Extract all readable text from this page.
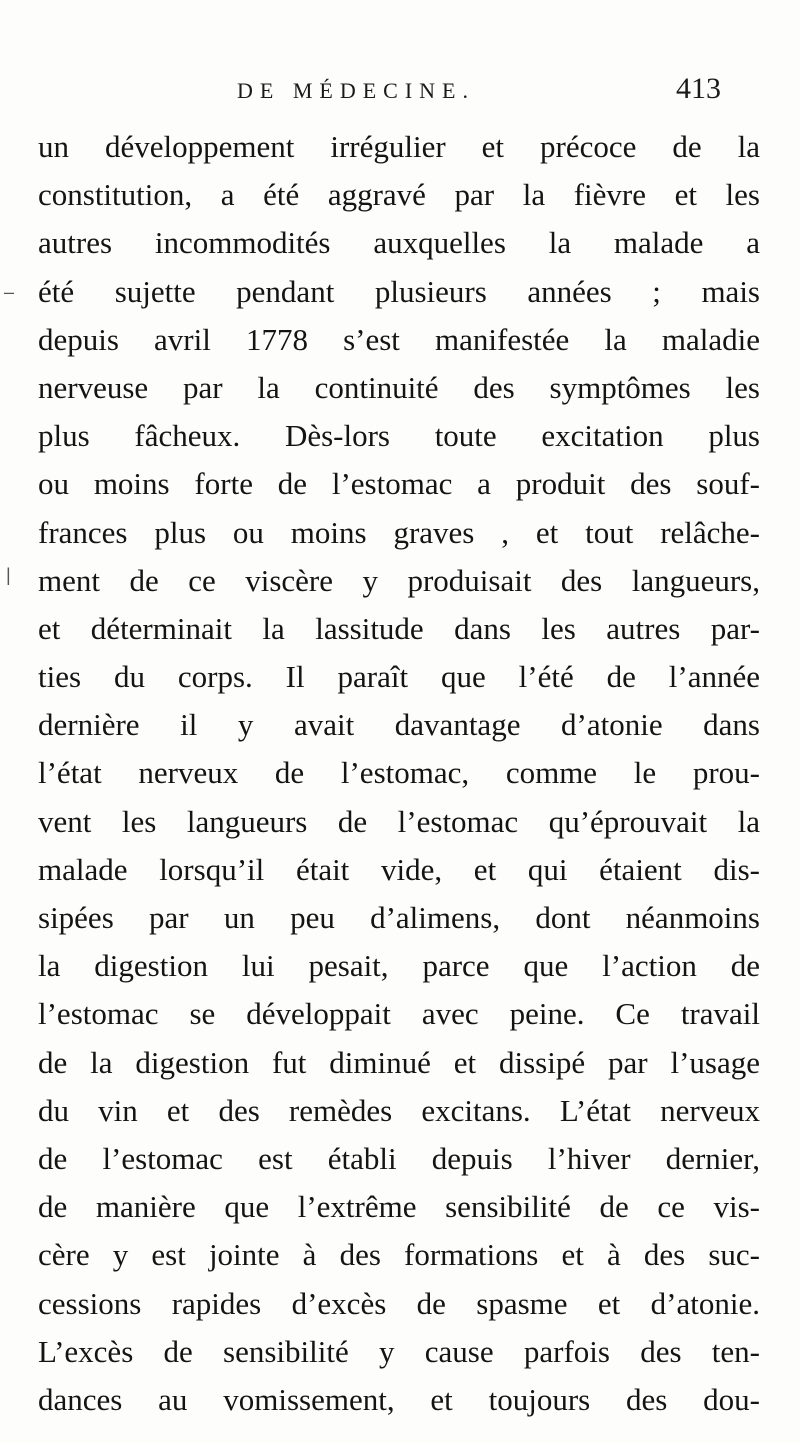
DE MÉDECINE.	413
–
|
un développement irrégulier et précoce de la
constitution, a été aggravé par la fièvre et les
autres incommodités auxquelles la malade a
été sujette pendant plusieurs années ; mais
depuis avril 1778 s’est manifestée la maladie
nerveuse par la continuité des symptômes les
plus fâcheux. Dès-lors toute excitation plus
ou moins forte de l’estomac a produit des souf-
frances plus ou moins graves , et tout relâche-
ment de ce viscère y produisait des langueurs,
et déterminait la lassitude dans les autres par-
ties du corps. Il paraît que l’été de l’année
dernière il y avait davantage d’atonie dans
l’état nerveux de l’estomac, comme le prou-
vent les langueurs de l’estomac qu’éprouvait la
malade lorsqu’il était vide, et qui étaient dis-
sipées par un peu d’alimens, dont néanmoins
la digestion lui pesait, parce que l’action de
l’estomac se développait avec peine. Ce travail
de la digestion fut diminué et dissipé par l’usage
du vin et des remèdes excitans. L’état nerveux
de l’estomac est établi depuis l’hiver dernier,
de manière que l’extrême sensibilité de ce vis-
cère y est jointe à des formations et à des suc-
cessions rapides d’excès de spasme et d’atonie.
L’excès de sensibilité y cause parfois des ten-
dances au vomissement, et toujours des dou-
